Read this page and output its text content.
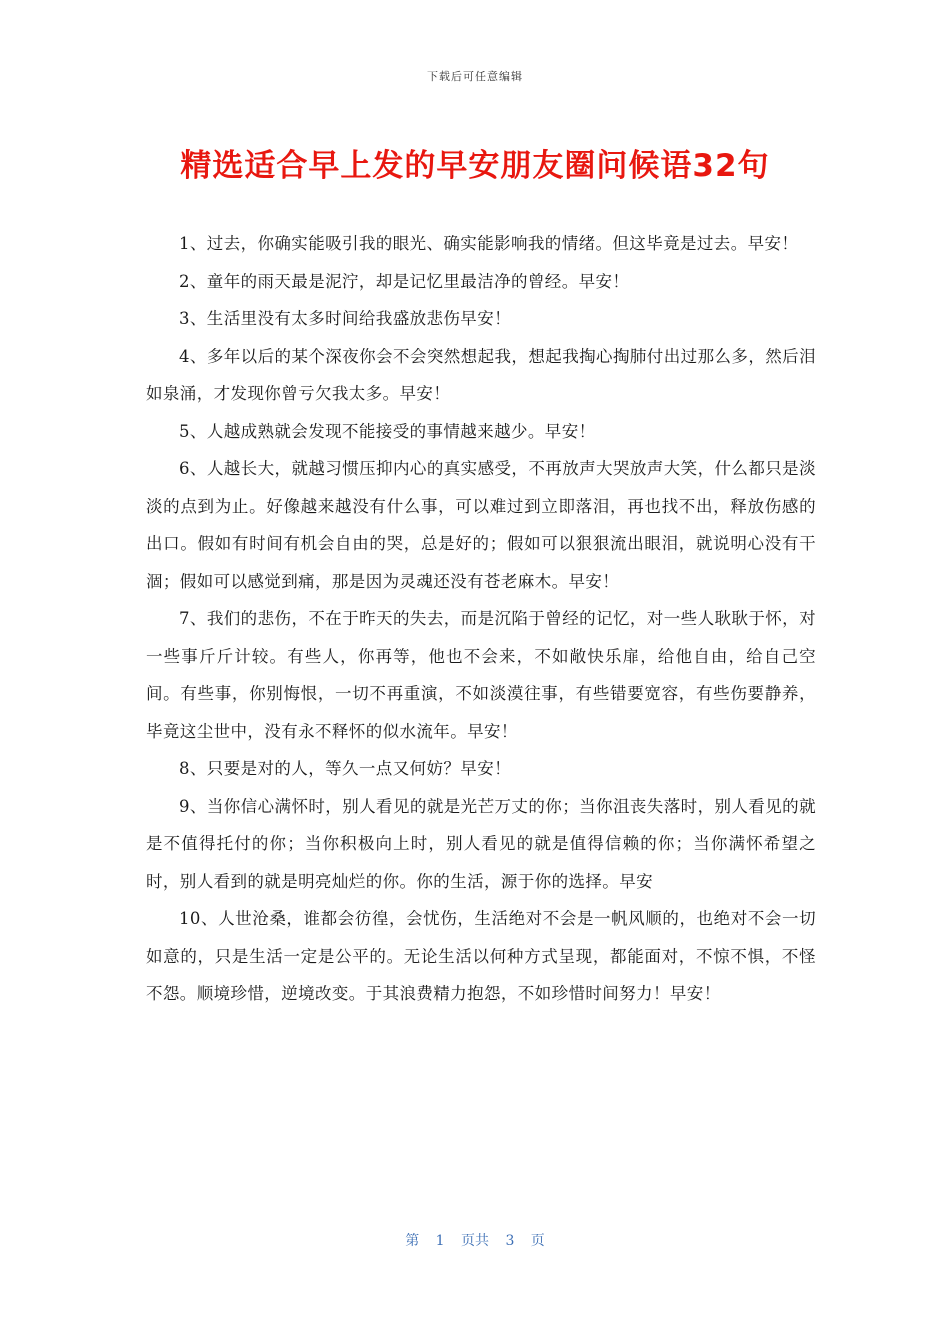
下载后可任意编辑
精选适合早上发的早安朋友圈问候语32句

1、过去，你确实能吸引我的眼光、确实能影响我的情绪。但这毕竟是过去。早安！

2、童年的雨天最是泥泞，却是记忆里最洁净的曾经。早安！

3、生活里没有太多时间给我盛放悲伤早安！

4、多年以后的某个深夜你会不会突然想起我，想起我掏心掏肺付出过那么多，然后泪如泉涌，才发现你曾亏欠我太多。早安！

5、人越成熟就会发现不能接受的事情越来越少。早安！

6、人越长大，就越习惯压抑内心的真实感受，不再放声大哭放声大笑，什么都只是淡淡的点到为止。好像越来越没有什么事，可以难过到立即落泪，再也找不出，释放伤感的出口。假如有时间有机会自由的哭，总是好的；假如可以狠狠流出眼泪，就说明心没有干涸；假如可以感觉到痛，那是因为灵魂还没有苍老麻木。早安！

7、我们的悲伤，不在于昨天的失去，而是沉陷于曾经的记忆，对一些人耿耿于怀，对一些事斤斤计较。有些人，你再等，他也不会来，不如敞快乐扉，给他自由，给自己空间。有些事，你别悔恨，一切不再重演，不如淡漠往事，有些错要宽容，有些伤要静养，毕竟这尘世中，没有永不释怀的似水流年。早安！

8、只要是对的人，等久一点又何妨？早安！

9、当你信心满怀时，别人看见的就是光芒万丈的你；当你沮丧失落时，别人看见的就是不值得托付的你；当你积极向上时，别人看见的就是值得信赖的你；当你满怀希望之时，别人看到的就是明亮灿烂的你。你的生活，源于你的选择。早安

10、人世沧桑，谁都会彷徨，会忧伤，生活绝对不会是一帆风顺的，也绝对不会一切如意的，只是生活一定是公平的。无论生活以何种方式呈现，都能面对，不惊不惧，不怪不怨。顺境珍惜，逆境改变。于其浪费精力抱怨，不如珍惜时间努力！早安！

第 1 页共 3 页
